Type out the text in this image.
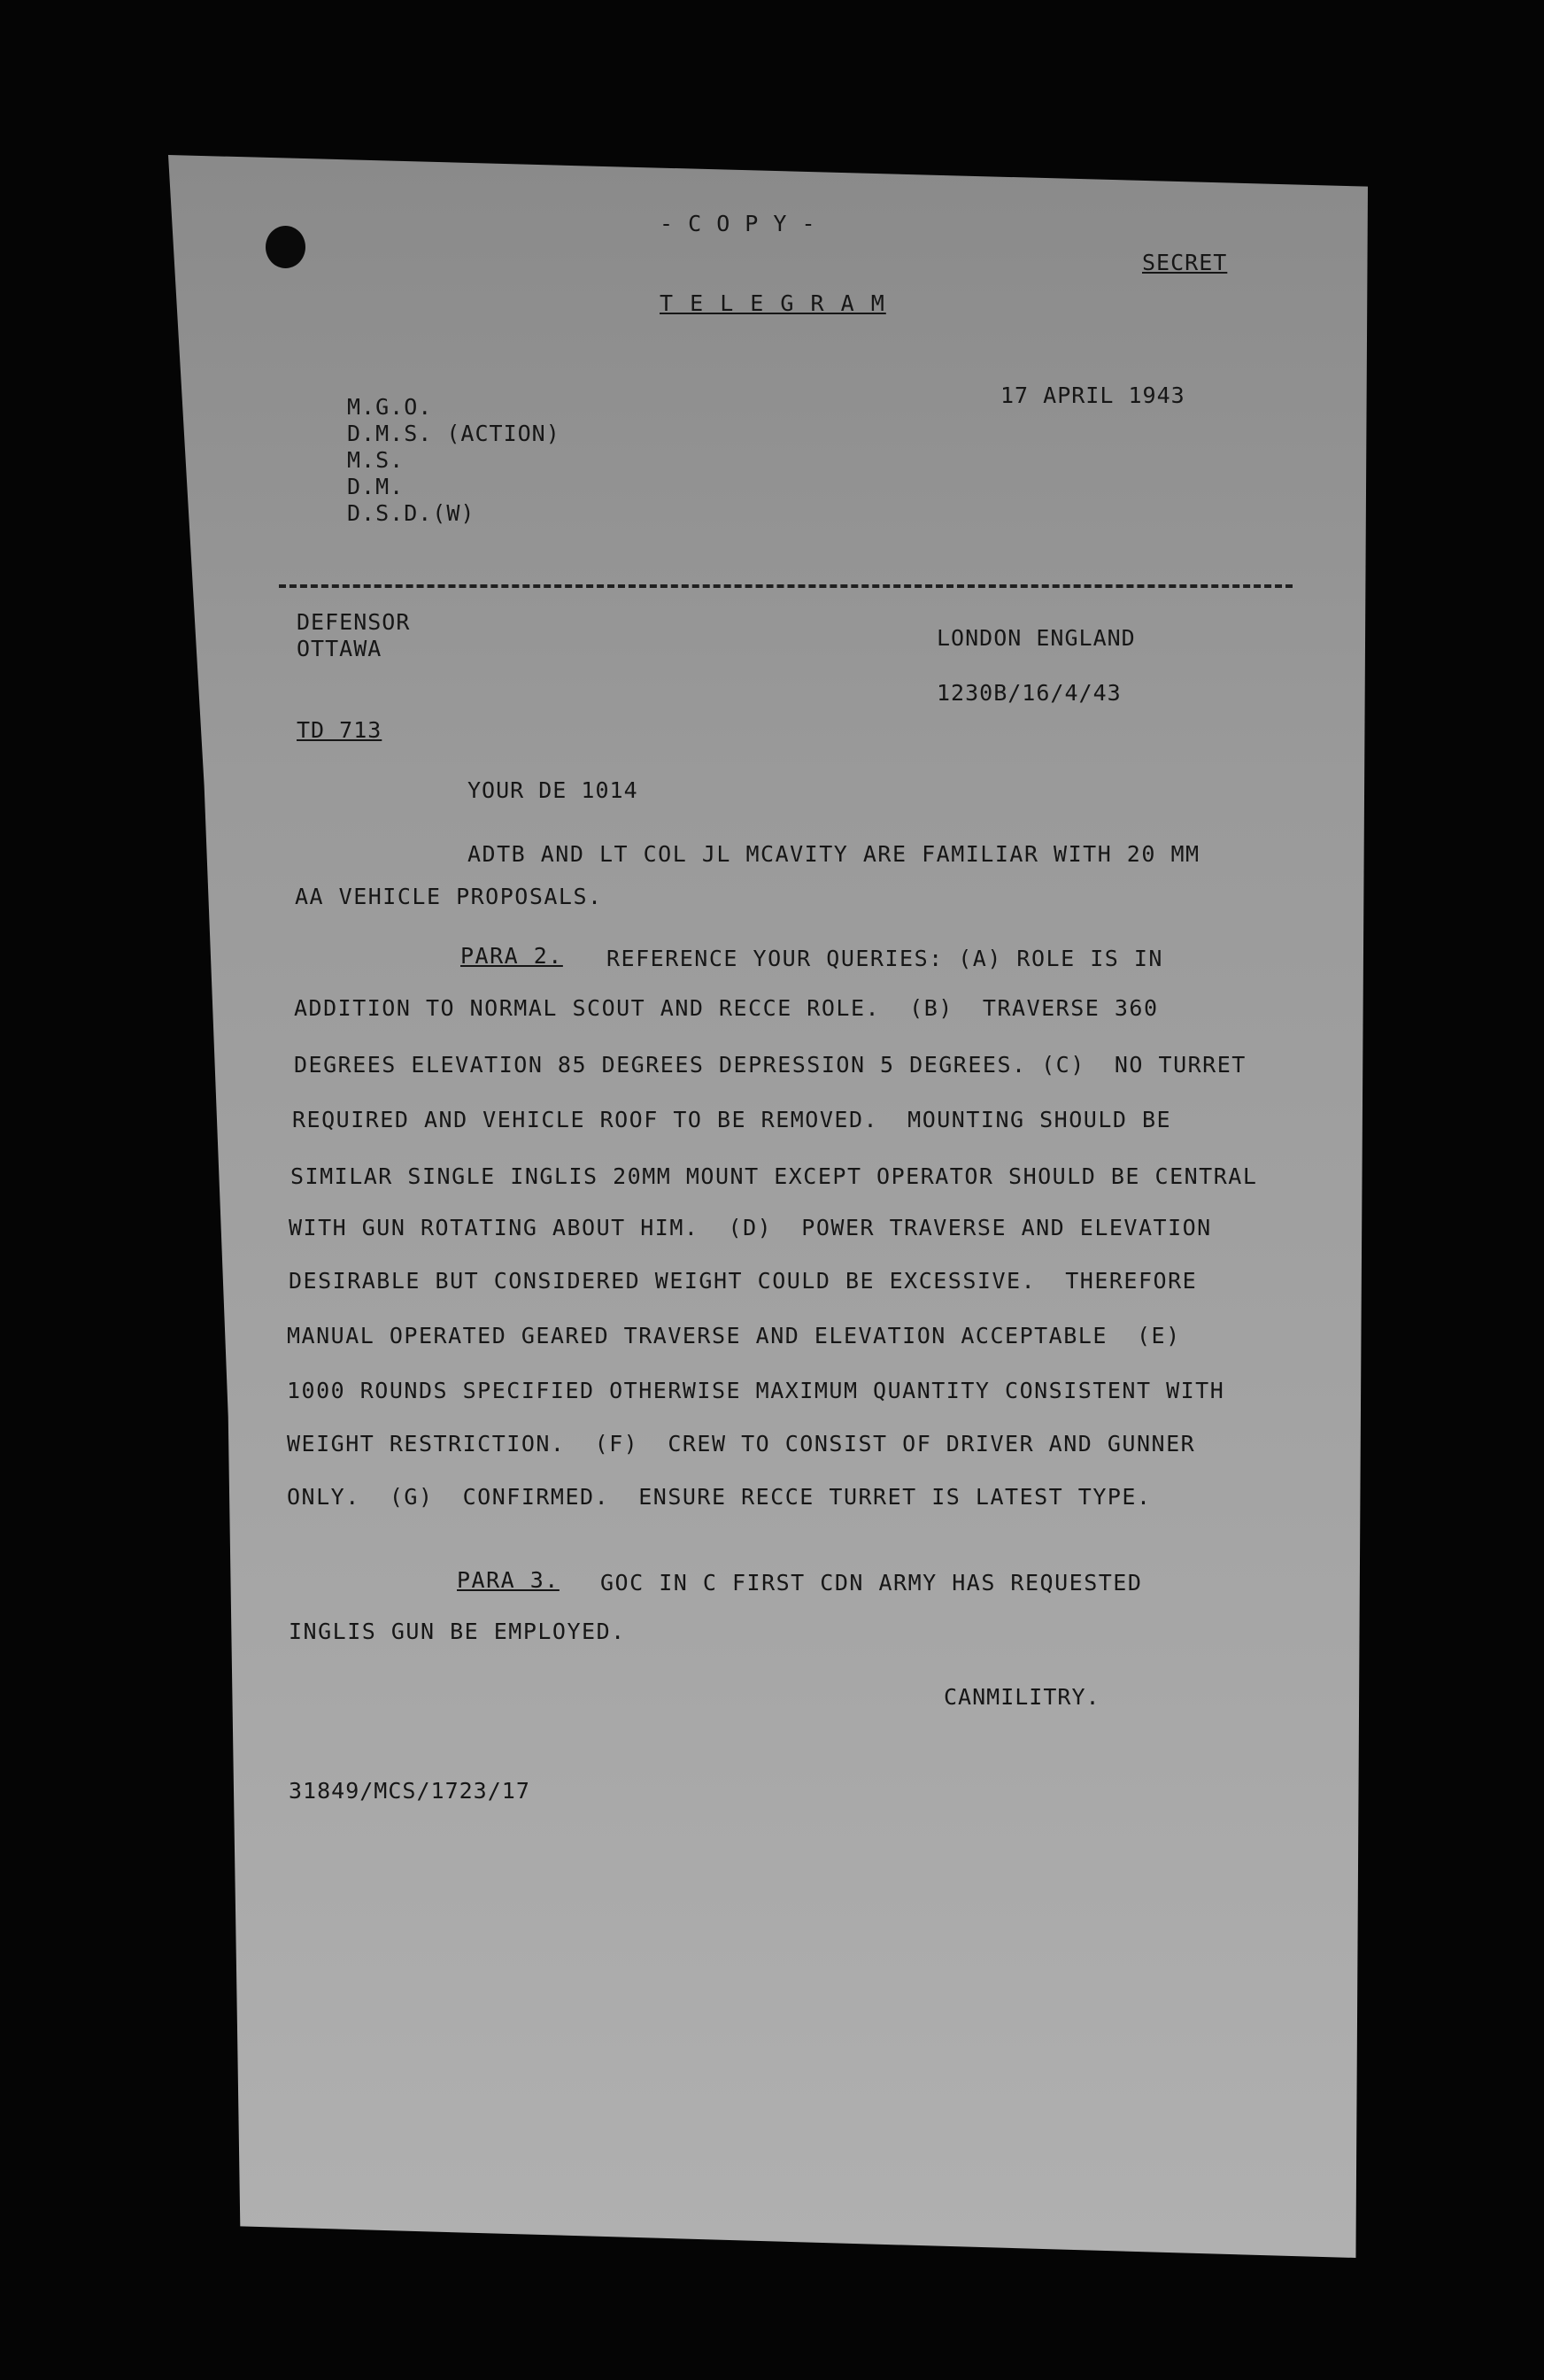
- C O P Y -
SECRET
T E L E G R A M
17 APRIL 1943
M.G.O.
D.M.S. (ACTION)
M.S.
D.M.
D.S.D.(W)
DEFENSOR
OTTAWA	LONDON ENGLAND
1230B/16/4/43
TD 713
YOUR DE 1014
ADTB AND LT COL JL MCAVITY ARE FAMILIAR WITH 20 MM
AA VEHICLE PROPOSALS.
PARA 2. REFERENCE YOUR QUERIES: (A) ROLE IS IN
ADDITION TO NORMAL SCOUT AND RECCE ROLE.  (B)  TRAVERSE 360
DEGREES ELEVATION 85 DEGREES DEPRESSION 5 DEGREES. (C)  NO TURRET
REQUIRED AND VEHICLE ROOF TO BE REMOVED.  MOUNTING SHOULD BE
SIMILAR SINGLE INGLIS 20MM MOUNT EXCEPT OPERATOR SHOULD BE CENTRAL
WITH GUN ROTATING ABOUT HIM.  (D)  POWER TRAVERSE AND ELEVATION
DESIRABLE BUT CONSIDERED WEIGHT COULD BE EXCESSIVE.  THEREFORE
MANUAL OPERATED GEARED TRAVERSE AND ELEVATION ACCEPTABLE  (E)
1000 ROUNDS SPECIFIED OTHERWISE MAXIMUM QUANTITY CONSISTENT WITH
WEIGHT RESTRICTION.  (F)  CREW TO CONSIST OF DRIVER AND GUNNER
ONLY.  (G)  CONFIRMED.  ENSURE RECCE TURRET IS LATEST TYPE.
PARA 3. GOC IN C FIRST CDN ARMY HAS REQUESTED
INGLIS GUN BE EMPLOYED.
CANMILITRY.
31849/MCS/1723/17
